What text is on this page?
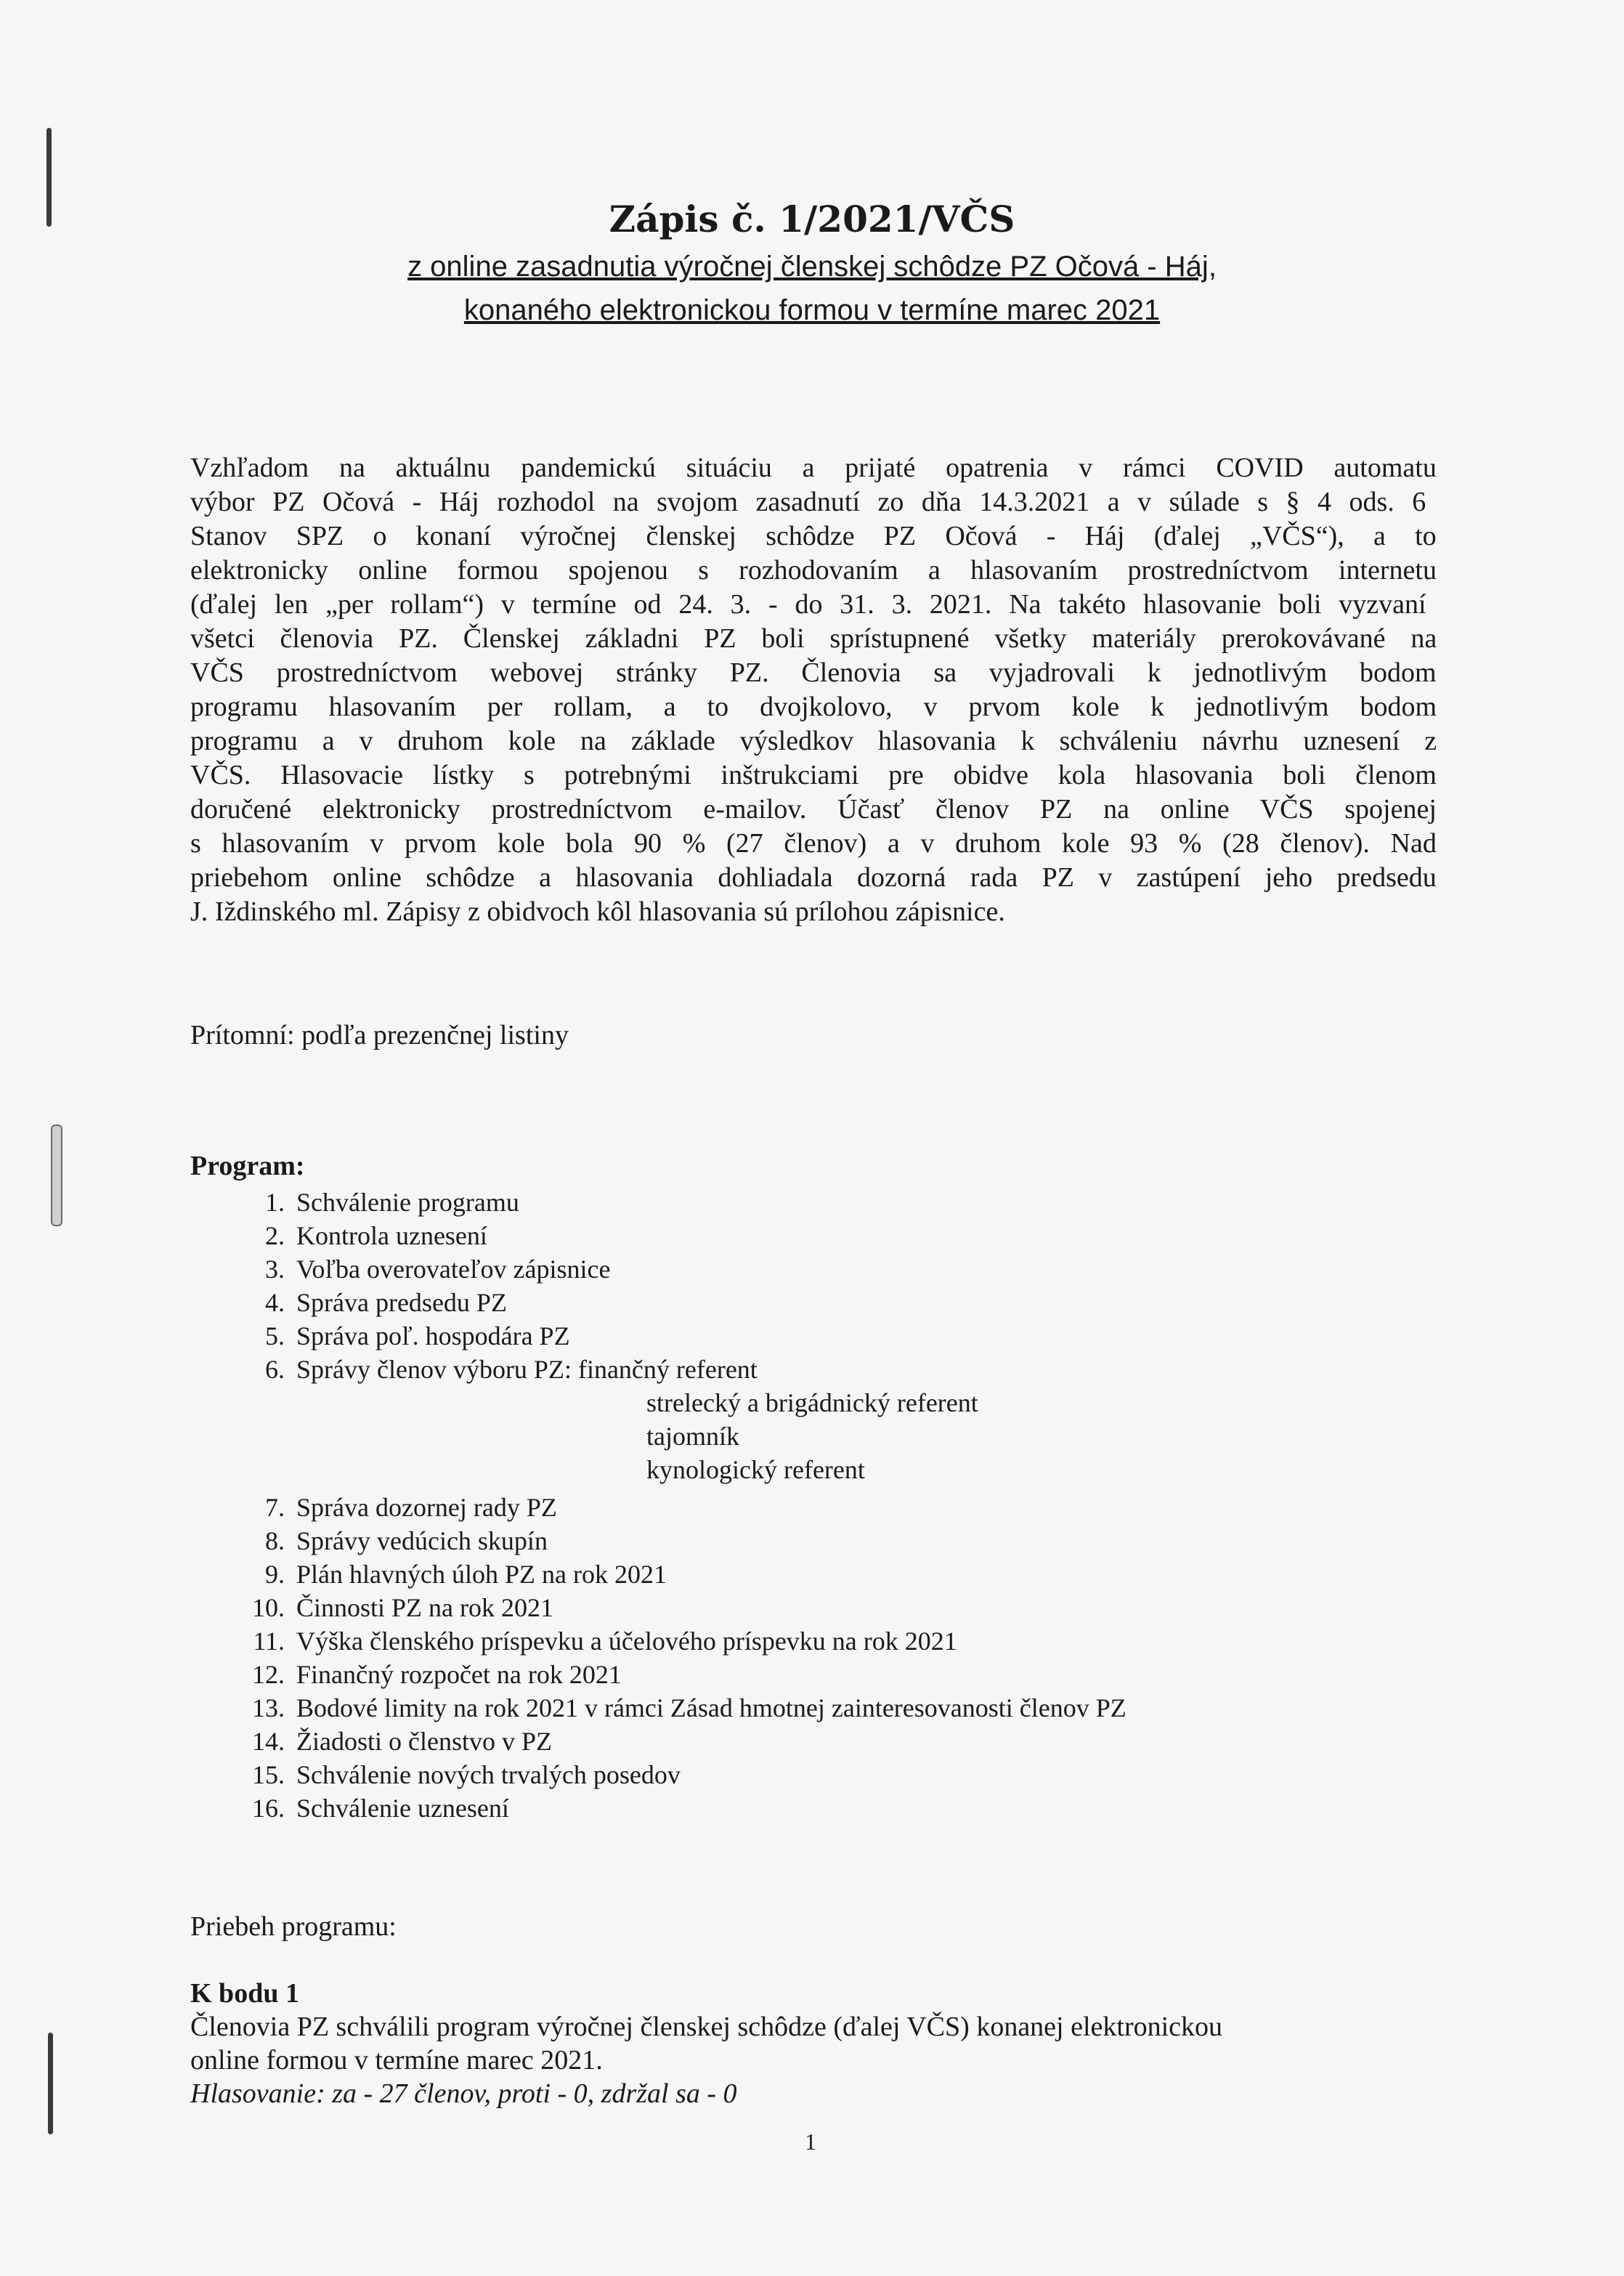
Zápis č. 1/2021/VČS
z online zasadnutia výročnej členskej schôdze PZ Očová - Háj,
konaného elektronickou formou v termíne marec 2021
Vzhľadom na aktuálnu pandemickú situáciu a prijaté opatrenia v rámci COVID automatu
výbor PZ Očová - Háj rozhodol na svojom zasadnutí zo dňa 14.3.2021 a v súlade s § 4 ods. 6
Stanov SPZ o konaní výročnej členskej schôdze PZ Očová - Háj (ďalej „VČS“), a to
elektronicky online formou spojenou s rozhodovaním a hlasovaním prostredníctvom internetu
(ďalej len „per rollam“) v termíne od 24. 3. - do 31. 3. 2021. Na takéto hlasovanie boli vyzvaní
všetci členovia PZ. Členskej základni PZ boli sprístupnené všetky materiály prerokovávané na
VČS prostredníctvom webovej stránky PZ. Členovia sa vyjadrovali k jednotlivým bodom
programu hlasovaním per rollam, a to dvojkolovo, v prvom kole k jednotlivým bodom
programu a v druhom kole na základe výsledkov hlasovania k schváleniu návrhu uznesení z
VČS. Hlasovacie lístky s potrebnými inštrukciami pre obidve kola hlasovania boli členom
doručené elektronicky prostredníctvom e-mailov. Účasť členov PZ na online VČS spojenej
s hlasovaním v prvom kole bola 90 % (27 členov) a v druhom kole 93 % (28 členov). Nad
priebehom online schôdze a hlasovania dohliadala dozorná rada PZ v zastúpení jeho predsedu
J. Iždinského ml. Zápisy z obidvoch kôl hlasovania sú prílohou zápisnice.
Prítomní: podľa prezenčnej listiny
Program:
1. Schválenie programu
2. Kontrola uznesení
3. Voľba overovateľov zápisnice
4. Správa predsedu PZ
5. Správa poľ. hospodára PZ
6. Správy členov výboru PZ: finančný referent
strelecký a brigádnický referent
tajomník
kynologický referent
7. Správa dozornej rady PZ
8. Správy vedúcich skupín
9. Plán hlavných úloh PZ na rok 2021
10. Činnosti PZ na rok 2021
11. Výška členského príspevku a účelového príspevku na rok 2021
12. Finančný rozpočet na rok 2021
13. Bodové limity na rok 2021 v rámci Zásad hmotnej zainteresovanosti členov PZ
14. Žiadosti o členstvo v PZ
15. Schválenie nových trvalých posedov
16. Schválenie uznesení
Priebeh programu:
K bodu 1
Členovia PZ schválili program výročnej členskej schôdze (ďalej VČS) konanej elektronickou
online formou v termíne marec 2021.
Hlasovanie: za - 27 členov, proti - 0, zdržal sa - 0
1
